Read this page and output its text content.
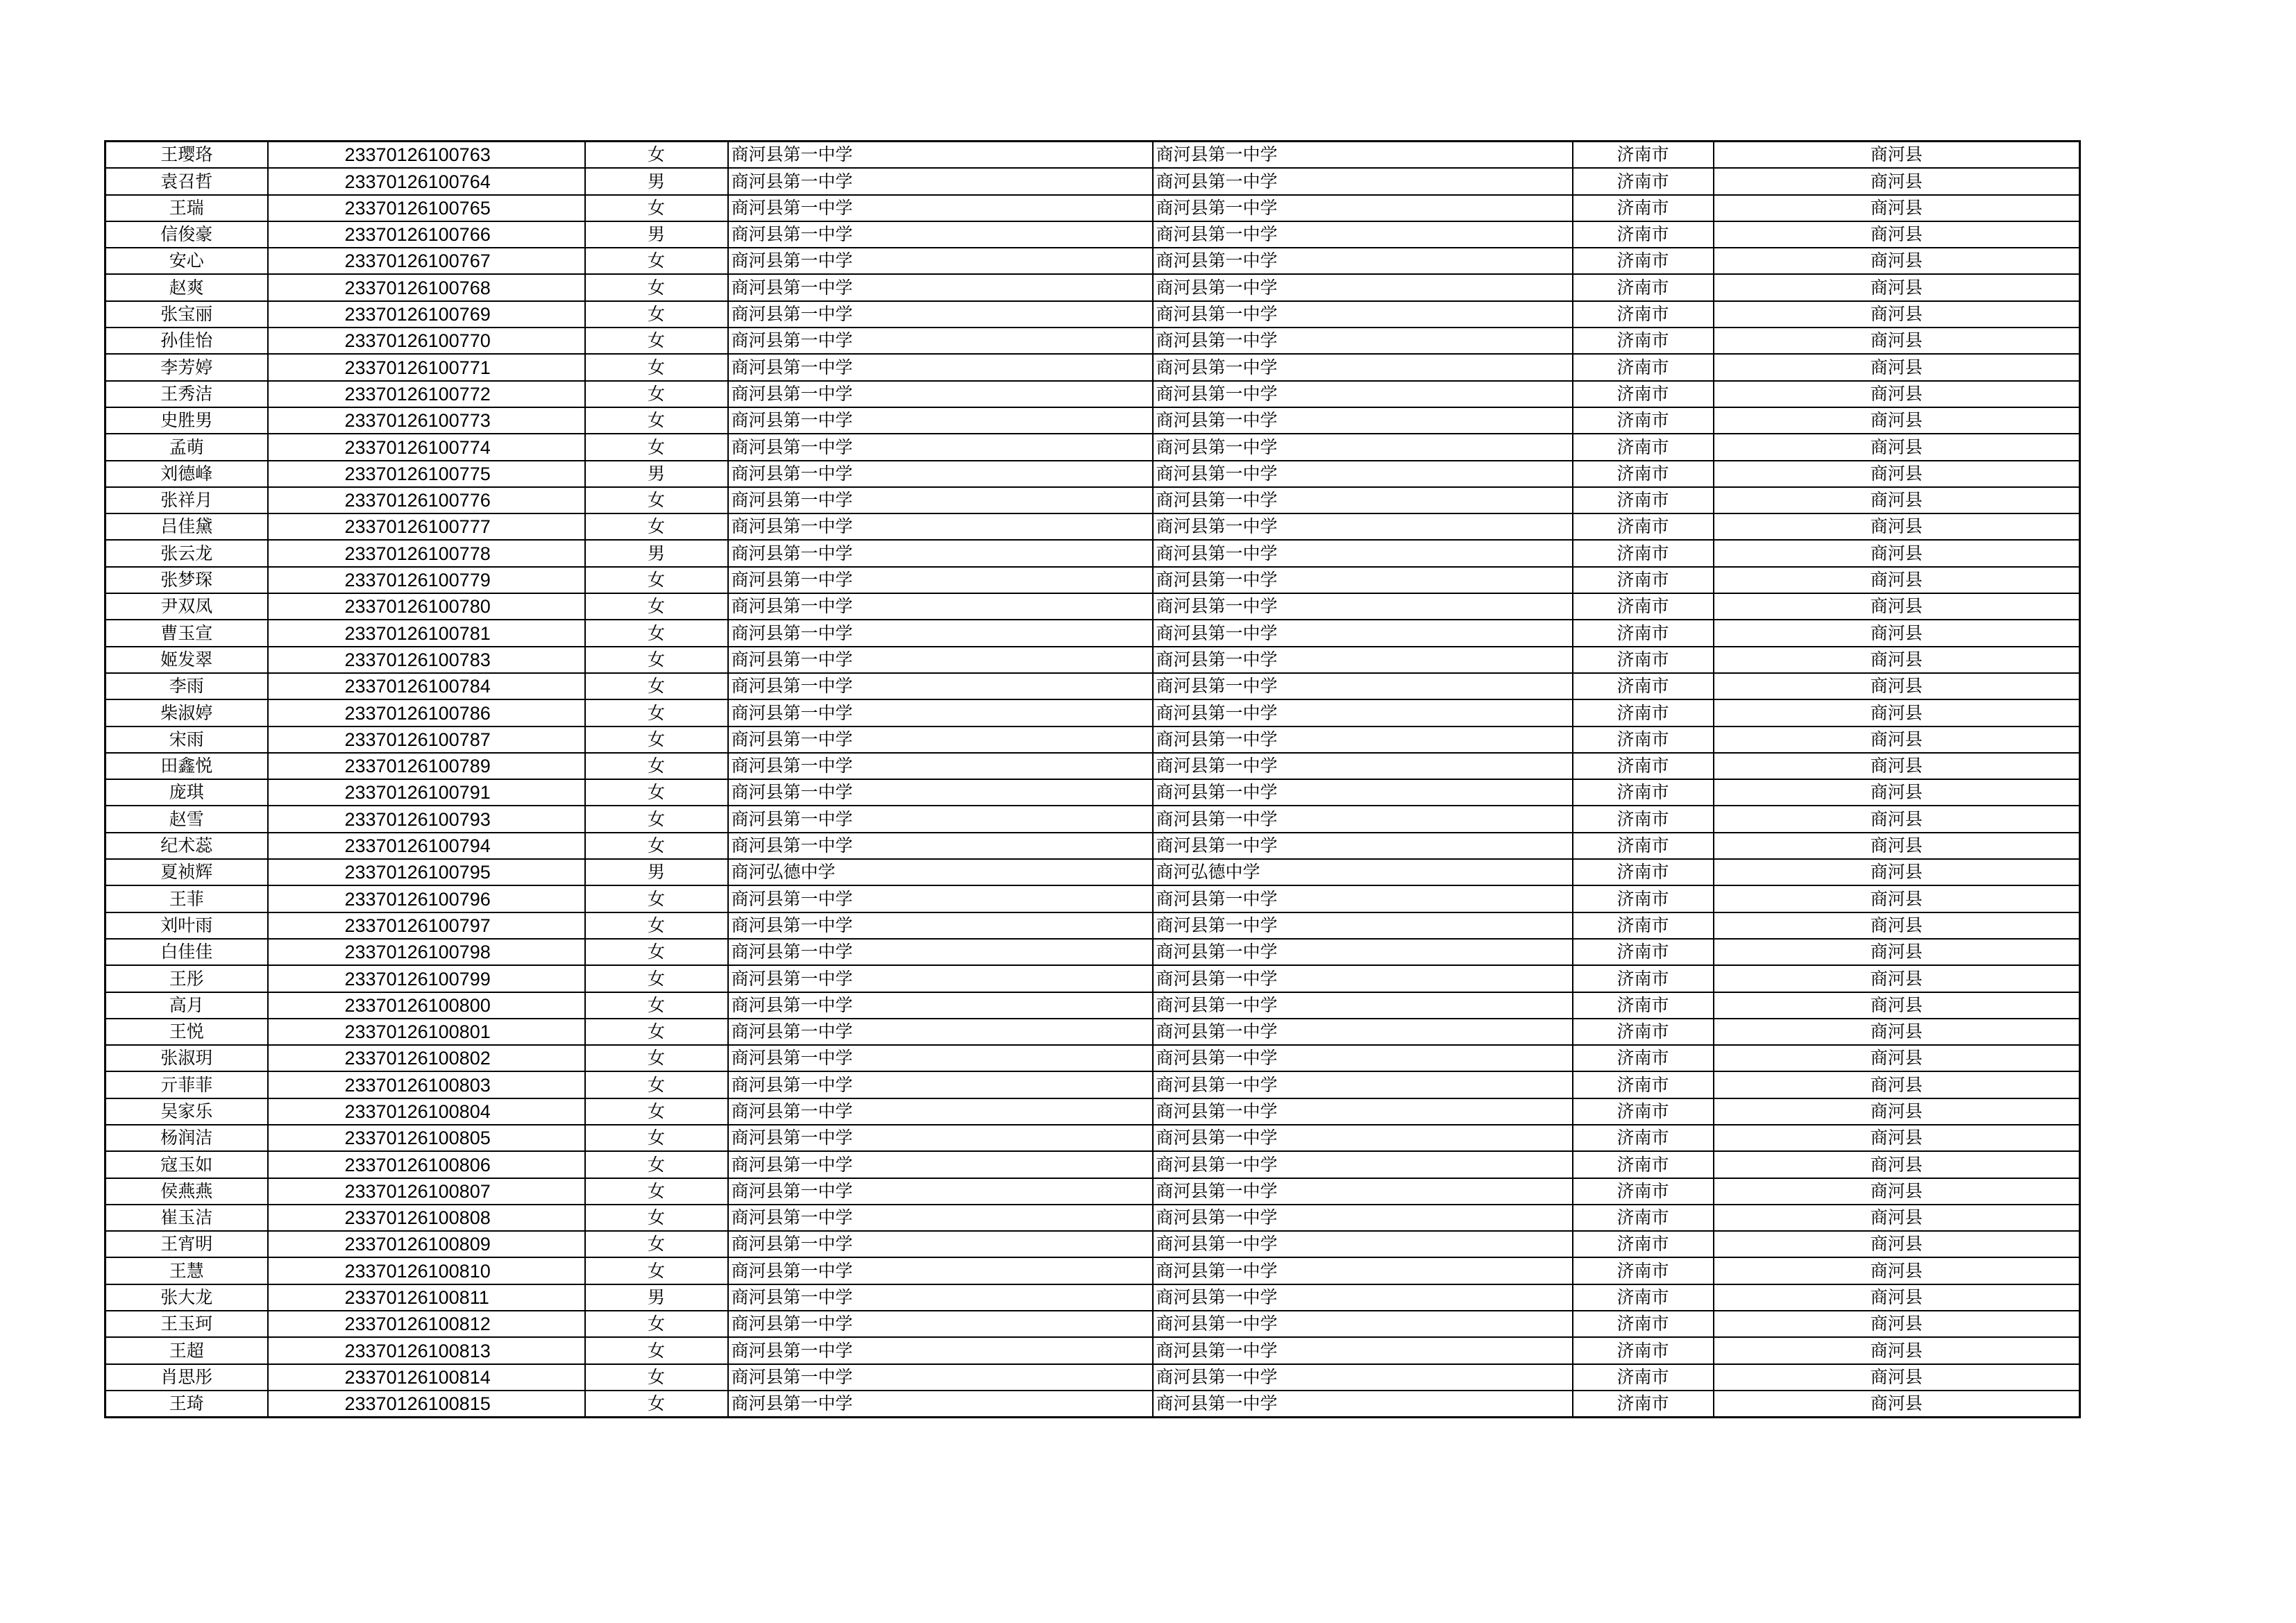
王璎珞	23370126100763	女	商河县第一中学	商河县第一中学	济南市	商河县
袁召哲	23370126100764	男	商河县第一中学	商河县第一中学	济南市	商河县
王瑞	23370126100765	女	商河县第一中学	商河县第一中学	济南市	商河县
信俊豪	23370126100766	男	商河县第一中学	商河县第一中学	济南市	商河县
安心	23370126100767	女	商河县第一中学	商河县第一中学	济南市	商河县
赵爽	23370126100768	女	商河县第一中学	商河县第一中学	济南市	商河县
张宝丽	23370126100769	女	商河县第一中学	商河县第一中学	济南市	商河县
孙佳怡	23370126100770	女	商河县第一中学	商河县第一中学	济南市	商河县
李芳婷	23370126100771	女	商河县第一中学	商河县第一中学	济南市	商河县
王秀洁	23370126100772	女	商河县第一中学	商河县第一中学	济南市	商河县
史胜男	23370126100773	女	商河县第一中学	商河县第一中学	济南市	商河县
孟萌	23370126100774	女	商河县第一中学	商河县第一中学	济南市	商河县
刘德峰	23370126100775	男	商河县第一中学	商河县第一中学	济南市	商河县
张祥月	23370126100776	女	商河县第一中学	商河县第一中学	济南市	商河县
吕佳黛	23370126100777	女	商河县第一中学	商河县第一中学	济南市	商河县
张云龙	23370126100778	男	商河县第一中学	商河县第一中学	济南市	商河县
张梦琛	23370126100779	女	商河县第一中学	商河县第一中学	济南市	商河县
尹双凤	23370126100780	女	商河县第一中学	商河县第一中学	济南市	商河县
曹玉宣	23370126100781	女	商河县第一中学	商河县第一中学	济南市	商河县
姬发翠	23370126100783	女	商河县第一中学	商河县第一中学	济南市	商河县
李雨	23370126100784	女	商河县第一中学	商河县第一中学	济南市	商河县
柴淑婷	23370126100786	女	商河县第一中学	商河县第一中学	济南市	商河县
宋雨	23370126100787	女	商河县第一中学	商河县第一中学	济南市	商河县
田鑫悦	23370126100789	女	商河县第一中学	商河县第一中学	济南市	商河县
庞琪	23370126100791	女	商河县第一中学	商河县第一中学	济南市	商河县
赵雪	23370126100793	女	商河县第一中学	商河县第一中学	济南市	商河县
纪术蕊	23370126100794	女	商河县第一中学	商河县第一中学	济南市	商河县
夏祯辉	23370126100795	男	商河弘德中学	商河弘德中学	济南市	商河县
王菲	23370126100796	女	商河县第一中学	商河县第一中学	济南市	商河县
刘叶雨	23370126100797	女	商河县第一中学	商河县第一中学	济南市	商河县
白佳佳	23370126100798	女	商河县第一中学	商河县第一中学	济南市	商河县
王彤	23370126100799	女	商河县第一中学	商河县第一中学	济南市	商河县
高月	23370126100800	女	商河县第一中学	商河县第一中学	济南市	商河县
王悦	23370126100801	女	商河县第一中学	商河县第一中学	济南市	商河县
张淑玥	23370126100802	女	商河县第一中学	商河县第一中学	济南市	商河县
亓菲菲	23370126100803	女	商河县第一中学	商河县第一中学	济南市	商河县
吴家乐	23370126100804	女	商河县第一中学	商河县第一中学	济南市	商河县
杨润洁	23370126100805	女	商河县第一中学	商河县第一中学	济南市	商河县
寇玉如	23370126100806	女	商河县第一中学	商河县第一中学	济南市	商河县
侯燕燕	23370126100807	女	商河县第一中学	商河县第一中学	济南市	商河县
崔玉洁	23370126100808	女	商河县第一中学	商河县第一中学	济南市	商河县
王宵明	23370126100809	女	商河县第一中学	商河县第一中学	济南市	商河县
王慧	23370126100810	女	商河县第一中学	商河县第一中学	济南市	商河县
张大龙	23370126100811	男	商河县第一中学	商河县第一中学	济南市	商河县
王玉珂	23370126100812	女	商河县第一中学	商河县第一中学	济南市	商河县
王超	23370126100813	女	商河县第一中学	商河县第一中学	济南市	商河县
肖思彤	23370126100814	女	商河县第一中学	商河县第一中学	济南市	商河县
王琦	23370126100815	女	商河县第一中学	商河县第一中学	济南市	商河县
